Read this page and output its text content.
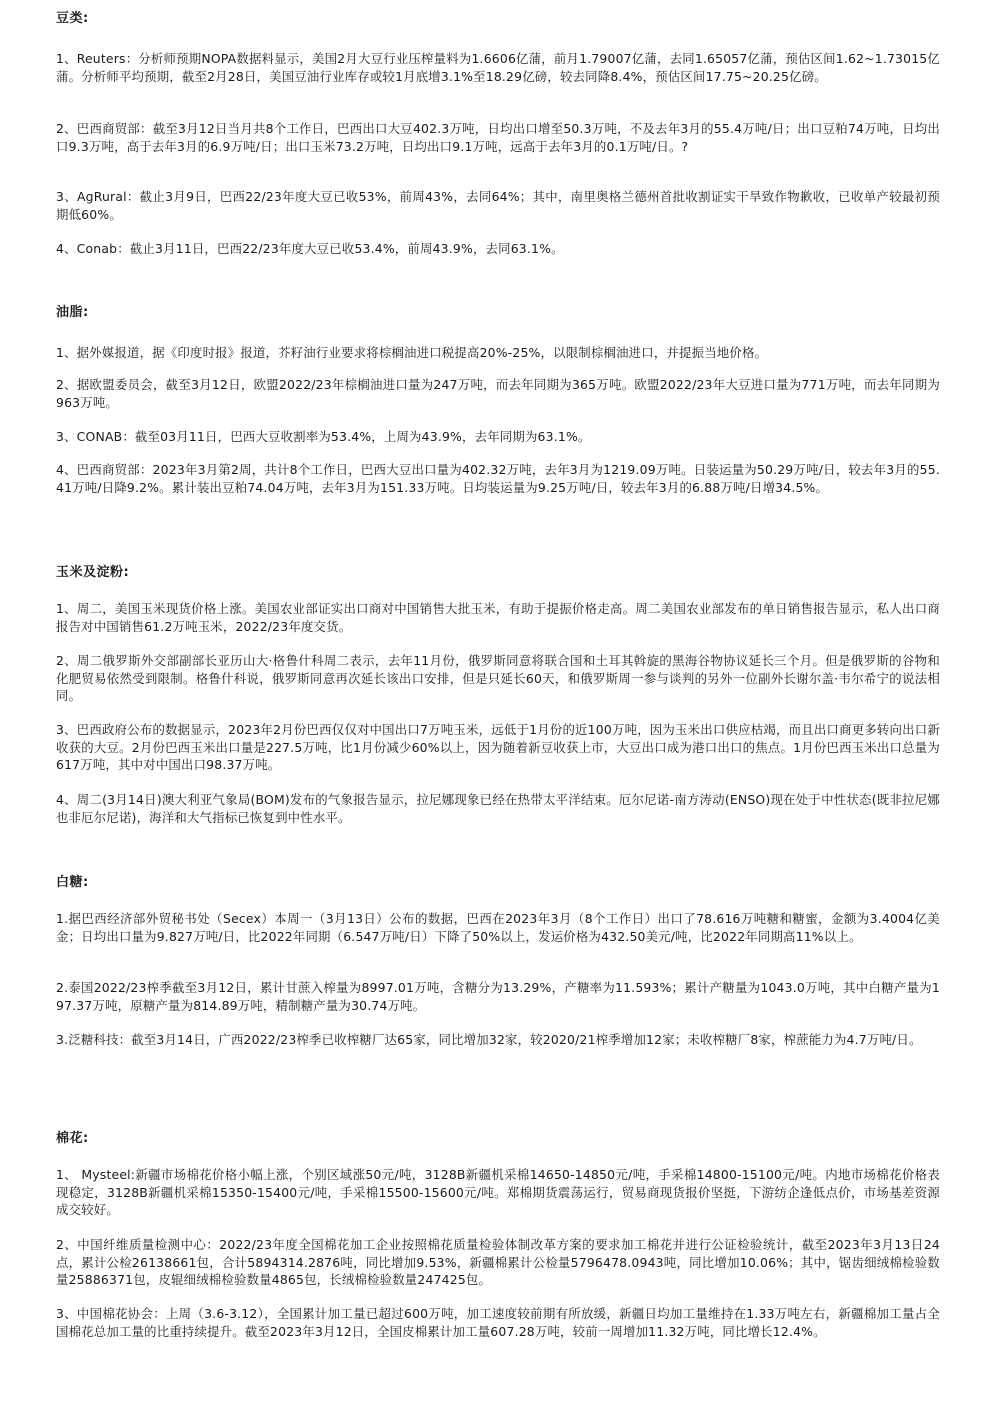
豆类:

1、Reuters：分析师预期NOPA数据料显示，美国2月大豆行业压榨量料为1.6606亿蒲，前月1.79007亿蒲，去同1.65057亿蒲，预估区间1.62~1.73015亿蒲。分析师平均预期，截至2月28日，美国豆油行业库存或较1月底增3.1%至18.29亿磅，较去同降8.4%，预估区间17.75~20.25亿磅。

2、巴西商贸部：截至3月12日当月共8个工作日，巴西出口大豆402.3万吨，日均出口增至50.3万吨，不及去年3月的55.4万吨/日；出口豆粕74万吨，日均出口9.3万吨，高于去年3月的6.9万吨/日；出口玉米73.2万吨，日均出口9.1万吨，远高于去年3月的0.1万吨/日。?

3、AgRural：截止3月9日，巴西22/23年度大豆已收53%，前周43%，去同64%；其中，南里奥格兰德州首批收割证实干旱致作物歉收，已收单产较最初预期低60%。

4、Conab：截止3月11日，巴西22/23年度大豆已收53.4%，前周43.9%，去同63.1%。

油脂:

1、据外媒报道，据《印度时报》报道，芥籽油行业要求将棕榈油进口税提高20%-25%，以限制棕榈油进口，并提振当地价格。

2、据欧盟委员会，截至3月12日，欧盟2022/23年棕榈油进口量为247万吨，而去年同期为365万吨。欧盟2022/23年大豆进口量为771万吨，而去年同期为963万吨。

3、CONAB：截至03月11日，巴西大豆收割率为53.4%，上周为43.9%，去年同期为63.1%。

4、巴西商贸部：2023年3月第2周，共计8个工作日，巴西大豆出口量为402.32万吨，去年3月为1219.09万吨。日装运量为50.29万吨/日，较去年3月的55.41万吨/日降9.2%。累计装出豆粕74.04万吨，去年3月为151.33万吨。日均装运量为9.25万吨/日，较去年3月的6.88万吨/日增34.5%。

玉米及淀粉:

1、周二，美国玉米现货价格上涨。美国农业部证实出口商对中国销售大批玉米，有助于提振价格走高。周二美国农业部发布的单日销售报告显示，私人出口商报告对中国销售61.2万吨玉米，2022/23年度交货。

2、周二俄罗斯外交部副部长亚历山大·格鲁什科周二表示，去年11月份，俄罗斯同意将联合国和土耳其斡旋的黑海谷物协议延长三个月。但是俄罗斯的谷物和化肥贸易依然受到限制。格鲁什科说，俄罗斯同意再次延长该出口安排，但是只延长60天，和俄罗斯周一参与谈判的另外一位副外长谢尔盖·韦尔希宁的说法相同。

3、巴西政府公布的数据显示，2023年2月份巴西仅仅对中国出口7万吨玉米，远低于1月份的近100万吨，因为玉米出口供应枯竭，而且出口商更多转向出口新收获的大豆。2月份巴西玉米出口量是227.5万吨，比1月份减少60%以上，因为随着新豆收获上市，大豆出口成为港口出口的焦点。1月份巴西玉米出口总量为617万吨，其中对中国出口98.37万吨。

4、周二(3月14日)澳大利亚气象局(BOM)发布的气象报告显示，拉尼娜现象已经在热带太平洋结束。厄尔尼诺-南方涛动(ENSO)现在处于中性状态(既非拉尼娜也非厄尔尼诺)，海洋和大气指标已恢复到中性水平。

白糖:

1.据巴西经济部外贸秘书处（Secex）本周一（3月13日）公布的数据，巴西在2023年3月（8个工作日）出口了78.616万吨糖和糖蜜，金额为3.4004亿美金；日均出口量为9.827万吨/日，比2022年同期（6.547万吨/日）下降了50%以上，发运价格为432.50美元/吨，比2022年同期高11%以上。

2.泰国2022/23榨季截至3月12日，累计甘蔗入榨量为8997.01万吨，含糖分为13.29%，产糖率为11.593%；累计产糖量为1043.0万吨，其中白糖产量为197.37万吨，原糖产量为814.89万吨，精制糖产量为30.74万吨。

3.泛糖科技：截至3月14日，广西2022/23榨季已收榨糖厂达65家，同比增加32家，较2020/21榨季增加12家；未收榨糖厂8家，榨蔗能力为4.7万吨/日。

棉花:

1、 Mysteel:新疆市场棉花价格小幅上涨，个别区域涨50元/吨，3128B新疆机采棉14650-14850元/吨，手采棉14800-15100元/吨。内地市场棉花价格表现稳定，3128B新疆机采棉15350-15400元/吨，手采棉15500-15600元/吨。郑棉期货震荡运行，贸易商现货报价坚挺，下游纺企逢低点价，市场基差资源成交较好。

2、中国纤维质量检测中心：2022/23年度全国棉花加工企业按照棉花质量检验体制改革方案的要求加工棉花并进行公证检验统计，截至2023年3月13日24点，累计公检26138661包，合计5894314.2876吨，同比增加9.53%，新疆棉累计公检量5796478.0943吨，同比增加10.06%；其中，锯齿细绒棉检验数量25886371包，皮辊细绒棉检验数量4865包，长绒棉检验数量247425包。

3、中国棉花协会：上周（3.6-3.12），全国累计加工量已超过600万吨，加工速度较前期有所放缓，新疆日均加工量维持在1.33万吨左右，新疆棉加工量占全国棉花总加工量的比重持续提升。截至2023年3月12日，全国皮棉累计加工量607.28万吨，较前一周增加11.32万吨，同比增长12.4%。
